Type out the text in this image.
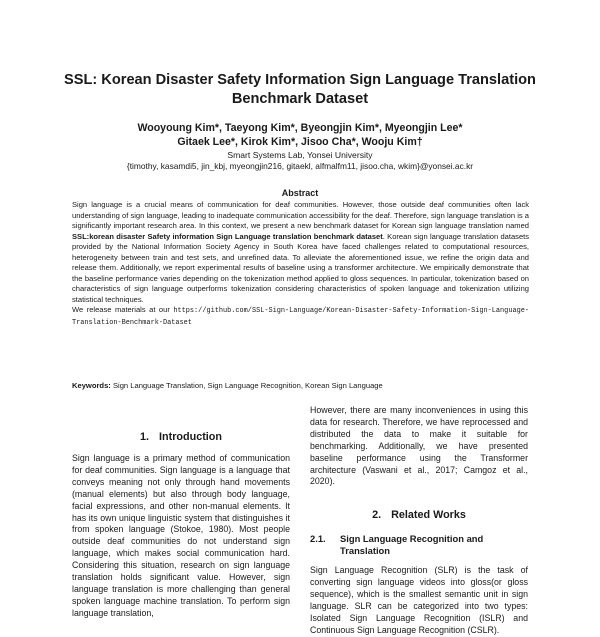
SSL: Korean Disaster Safety Information Sign Language Translation Benchmark Dataset
Wooyoung Kim*, Taeyong Kim*, Byeongjin Kim*, Myeongjin Lee*
Gitaek Lee*, Kirok Kim*, Jisoo Cha*, Wooju Kim†
Smart Systems Lab, Yonsei University
{timothy, kasamdi5, jin_kbj, myeongjin216, gitaekl, alfmalfm11, jisoo.cha, wkim}@yonsei.ac.kr
Abstract

Sign language is a crucial means of communication for deaf communities. However, those outside deaf communities often lack understanding of sign language, leading to inadequate communication accessibility for the deaf. Therefore, sign language translation is a significantly important research area. In this context, we present a new benchmark dataset for Korean sign language translation named SSL:korean disaster Safety information Sign Language translation benchmark dataset. Korean sign language translation datasets provided by the National Information Society Agency in South Korea have faced challenges related to computational resources, heterogeneity between train and test sets, and unrefined data. To alleviate the aforementioned issue, we refine the origin data and release them. Additionally, we report experimental results of baseline using a transformer architecture. We empirically demonstrate that the baseline performance varies depending on the tokenization method applied to gloss sequences. In particular, tokenization based on characteristics of sign language outperforms tokenization considering characteristics of spoken language and tokenization utilizing statistical techniques.
We release materials at our https://github.com/SSL-Sign-Language/Korean-Disaster-Safety-Information-Sign-Language-Translation-Benchmark-Dataset

Keywords: Sign Language Translation, Sign Language Recognition, Korean Sign Language

1. Introduction

Sign language is a primary method of communication for deaf communities. Sign language is a language that conveys meaning not only through hand movements (manual elements) but also through body language, facial expressions, and other non-manual elements. It has its own unique linguistic system that distinguishes it from spoken language (Stokoe, 1980). Most people outside deaf communities do not understand sign language, which makes social communication hard. Considering this situation, research on sign language translation holds significant value. However, sign language translation is more challenging than general spoken language machine translation. To perform sign language translation,

However, there are many inconveniences in using this data for research. Therefore, we have reprocessed and distributed the data to make it suitable for benchmarking. Additionally, we have presented baseline performance using the Transformer architecture (Vaswani et al., 2017; Camgoz et al., 2020).

2. Related Works
2.1.	Sign Language Recognition and Translation

Sign Language Recognition (SLR) is the task of converting sign language videos into gloss(or gloss sequence), which is the smallest semantic unit in sign language. SLR can be categorized into two types: Isolated Sign Language Recognition (ISLR) and Continuous Sign Language Recognition (CSLR).
